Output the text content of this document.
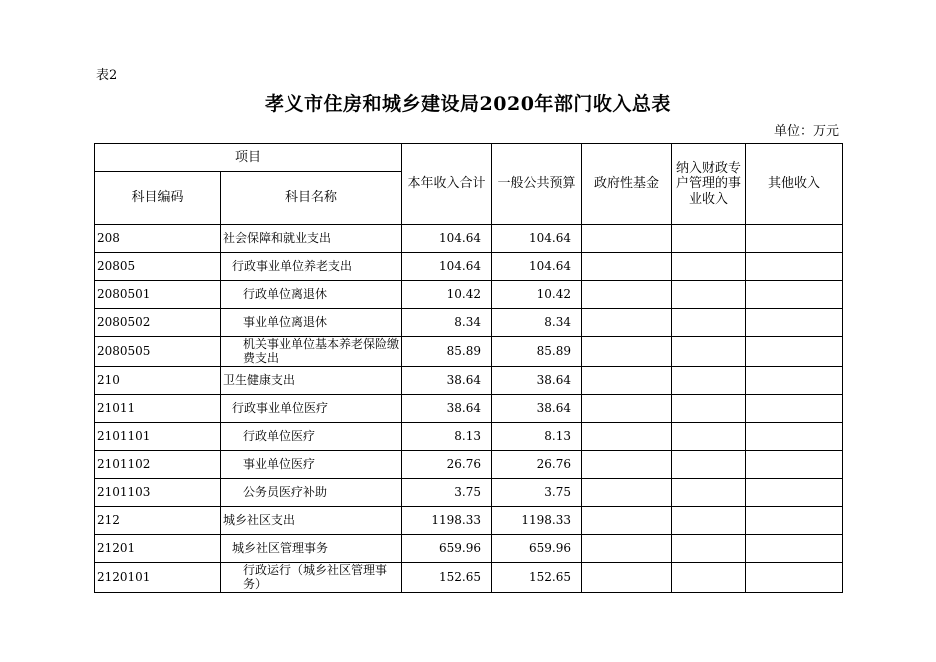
表2
孝义市住房和城乡建设局2020年部门收入总表
单位：万元
项目		本年收入合计	一般公共预算	政府性基金	纳入财政专户管理的事业收入	其他收入
科目编码	科目名称					
208	社会保障和就业支出	104.64	104.64			
20805	行政事业单位养老支出	104.64	104.64			
2080501	行政单位离退休	10.42	10.42			
2080502	事业单位离退休	8.34	8.34			
2080505	机关事业单位基本养老保险缴费支出	85.89	85.89			
210	卫生健康支出	38.64	38.64			
21011	行政事业单位医疗	38.64	38.64			
2101101	行政单位医疗	8.13	8.13			
2101102	事业单位医疗	26.76	26.76			
2101103	公务员医疗补助	3.75	3.75			
212	城乡社区支出	1198.33	1198.33			
21201	城乡社区管理事务	659.96	659.96			
2120101	行政运行（城乡社区管理事务）	152.65	152.65			
